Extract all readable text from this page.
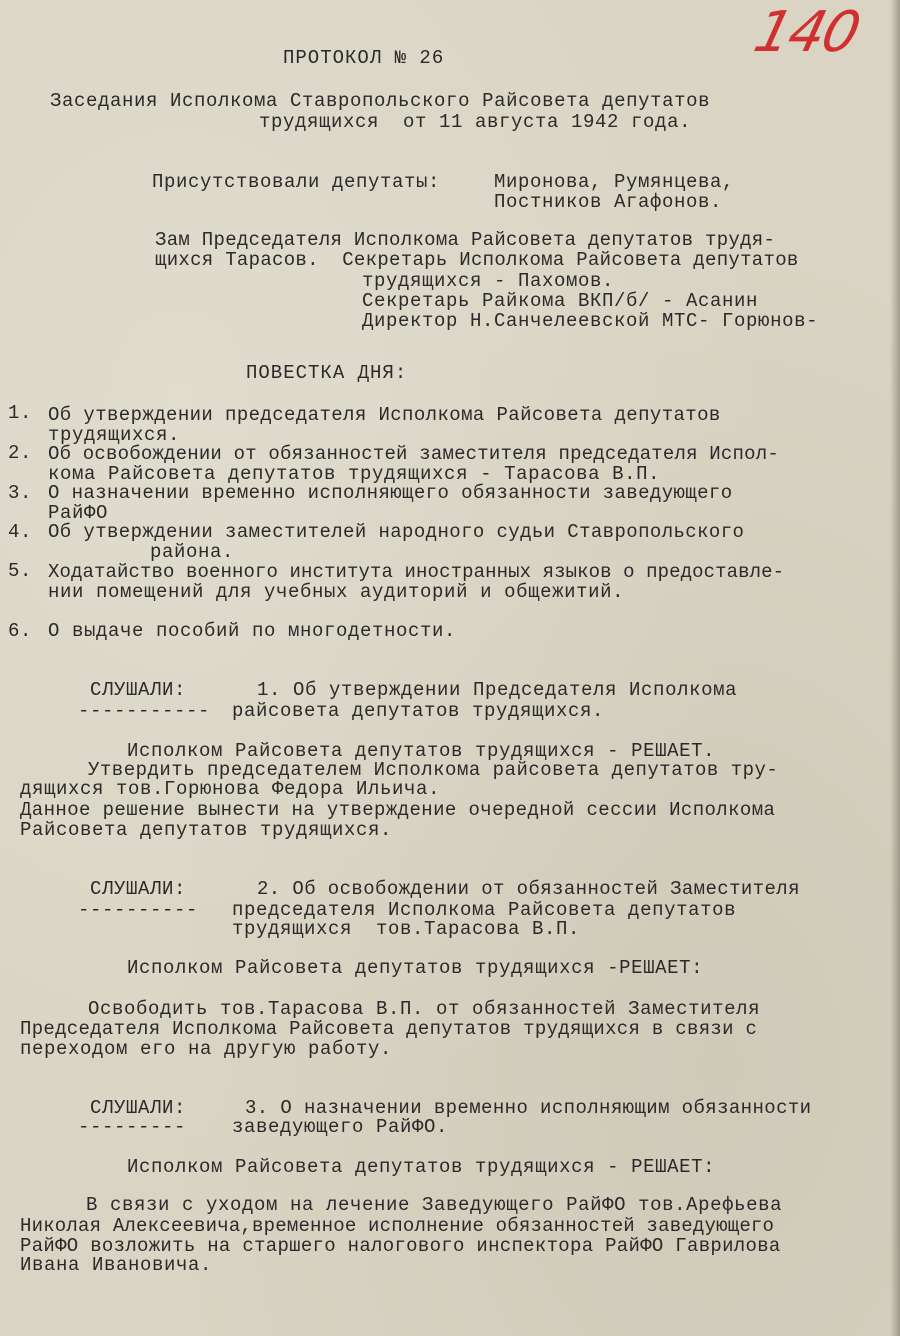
140
ПРОТОКОЛ № 26
Заседания Исполкома Ставропольского Райсовета депутатов
трудящихся  от 11 августа 1942 года.
Присутствовали депутаты:	Миронова, Румянцева,
Постников Агафонов.
Зам Председателя Исполкома Райсовета депутатов трудя-
щихся Тарасов.  Секретарь Исполкома Райсовета депутатов
трудящихся - Пахомов.
Секретарь Райкома ВКП/б/ - Асанин
Директор Н.Санчелеевской МТС- Горюнов-
ПОВЕСТКА ДНЯ:
1. Об утверждении председателя Исполкома Райсовета депутатов
трудящихся.
2. Об освобождении от обязанностей заместителя председателя Испол-
кома Райсовета депутатов трудящихся - Тарасова В.П.
3. О назначении временно исполняющего обязанности заведующего
РайФО
4. Об утверждении заместителей народного судьи Ставропольского
района.
5. Ходатайство военного института иностранных языков о предоставле-
нии помещений для учебных аудиторий и общежитий.
6. О выдаче пособий по многодетности.
СЛУШАЛИ:	1. Об утверждении Председателя Исполкома
----------- райсовета депутатов трудящихся.
Исполком Райсовета депутатов трудящихся - РЕШАЕТ.
Утвердить председателем Исполкома райсовета депутатов тру-
дящихся тов.Горюнова Федора Ильича.
Данное решение вынести на утверждение очередной сессии Исполкома
Райсовета депутатов трудящихся.
СЛУШАЛИ:	2. Об освобождении от обязанностей Заместителя
---------- председателя Исполкома Райсовета депутатов
трудящихся  тов.Тарасова В.П.
Исполком Райсовета депутатов трудящихся -РЕШАЕТ:
Освободить тов.Тарасова В.П. от обязанностей Заместителя
Председателя Исполкома Райсовета депутатов трудящихся в связи с
переходом его на другую работу.
СЛУШАЛИ:	3. О назначении временно исполняющим обязанности
--------- заведующего РайФО.
Исполком Райсовета депутатов трудящихся - РЕШАЕТ:
В связи с уходом на лечение Заведующего РайФО тов.Арефьева
Николая Алексеевича,временное исполнение обязанностей заведующего
РайФО возложить на старшего налогового инспектора РайФО Гаврилова
Ивана Ивановича.
